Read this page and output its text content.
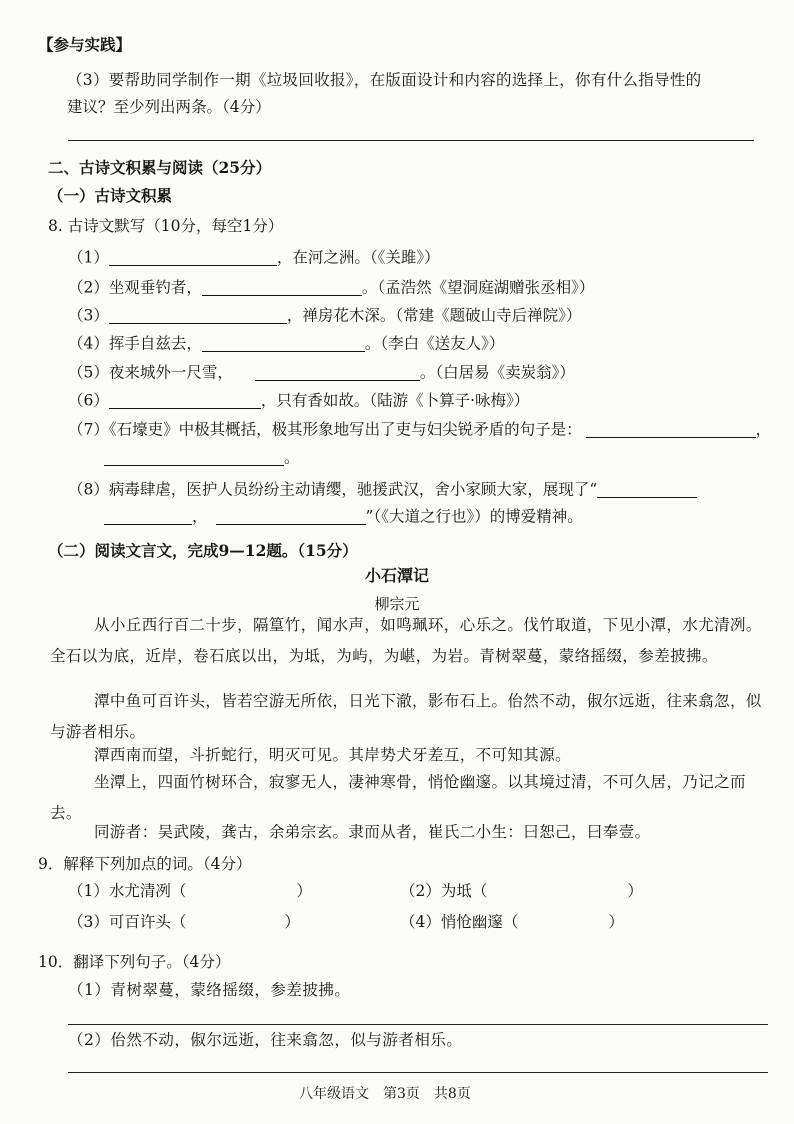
【参与实践】
（3）要帮助同学制作一期《垃圾回收报》，在版面设计和内容的选择上，你有什么指导性的
建议？至少列出两条。（4分）
二、古诗文积累与阅读（25分）
（一）古诗文积累
8. 古诗文默写（10分，每空1分）
（1）	，在河之洲。（《关雎》）
（2）坐观垂钓者，	。（孟浩然《望洞庭湖赠张丞相》）
（3）	，禅房花木深。（常建《题破山寺后禅院》）
（4）挥手自兹去，	。（李白《送友人》）
（5）夜来城外一尺雪，	。（白居易《卖炭翁》）
（6）	，只有香如故。（陆游《卜算子·咏梅》）
（7）《石壕吏》中极其概括，极其形象地写出了吏与妇尖锐矛盾的句子是：	，
。
（8）病毒肆虐，医护人员纷纷主动请缨，驰援武汉，舍小家顾大家，展现了“
，	”（《大道之行也》）的博爱精神。
（二）阅读文言文，完成9—12题。（15分）
小石潭记
柳宗元
从小丘西行百二十步，隔篁竹，闻水声，如鸣珮环，心乐之。伐竹取道，下见小潭，水尤清冽。全石以为底，近岸，卷石底以出，为坻，为屿，为嵁，为岩。青树翠蔓，蒙络摇缀，参差披拂。
潭中鱼可百许头，皆若空游无所依，日光下澈，影布石上。佁然不动，俶尔远逝，往来翕忽，似与游者相乐。
潭西南而望，斗折蛇行，明灭可见。其岸势犬牙差互，不可知其源。
坐潭上，四面竹树环合，寂寥无人，凄神寒骨，悄怆幽邃。以其境过清，不可久居，乃记之而去。
同游者：吴武陵，龚古，余弟宗玄。隶而从者，崔氏二小生：曰恕己，曰奉壹。
9．解释下列加点的词。（4分）
（1）水尤清冽（	）	（2）为坻（	）
（3）可百许头（	）	（4）悄怆幽邃（	）
10．翻译下列句子。（4分）
（1）青树翠蔓，蒙络摇缀，参差披拂。
（2）佁然不动，俶尔远逝，往来翕忽，似与游者相乐。
八年级语文 第3页 共8页
